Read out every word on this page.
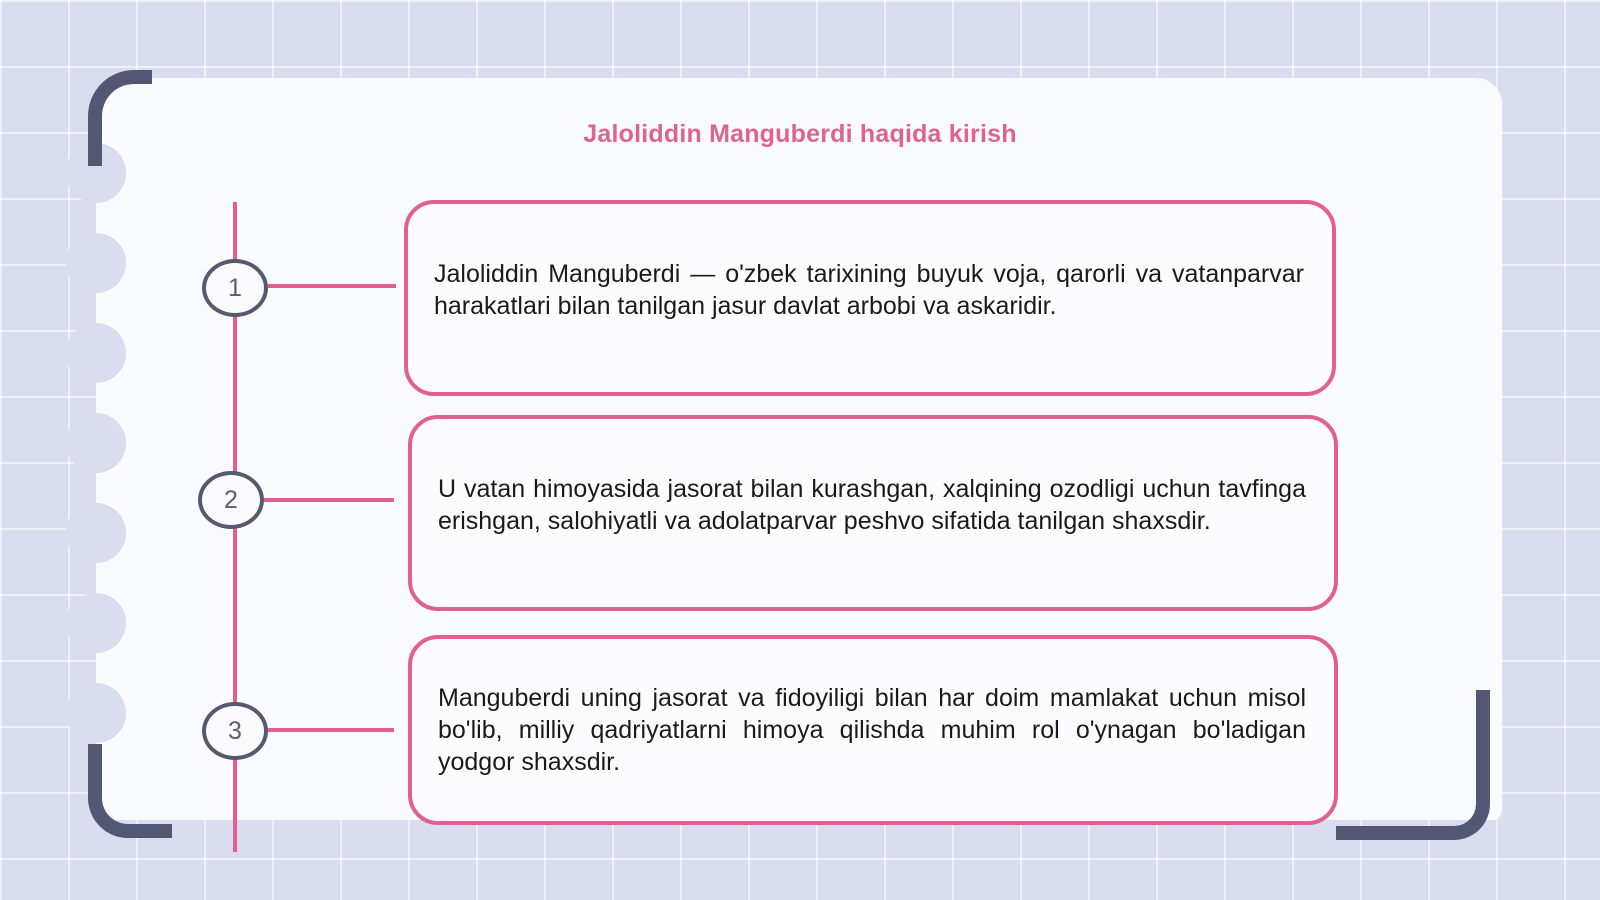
Jaloliddin Manguberdi haqida kirish
1	Jaloliddin Manguberdi — o'zbek tarixining buyuk voja, qarorli va vatanparvar harakatlari bilan tanilgan jasur davlat arbobi va askaridir.

2	U vatan himoyasida jasorat bilan kurashgan, xalqining ozodligi uchun tavfinga erishgan, salohiyatli va adolatparvar peshvo sifatida tanilgan shaxsdir.

3

Manguberdi uning jasorat va fidoyiligi bilan har doim mamlakat uchun misol bo'lib, milliy qadriyatlarni himoya qilishda muhim rol o'ynagan bo'ladigan yodgor shaxsdir.
